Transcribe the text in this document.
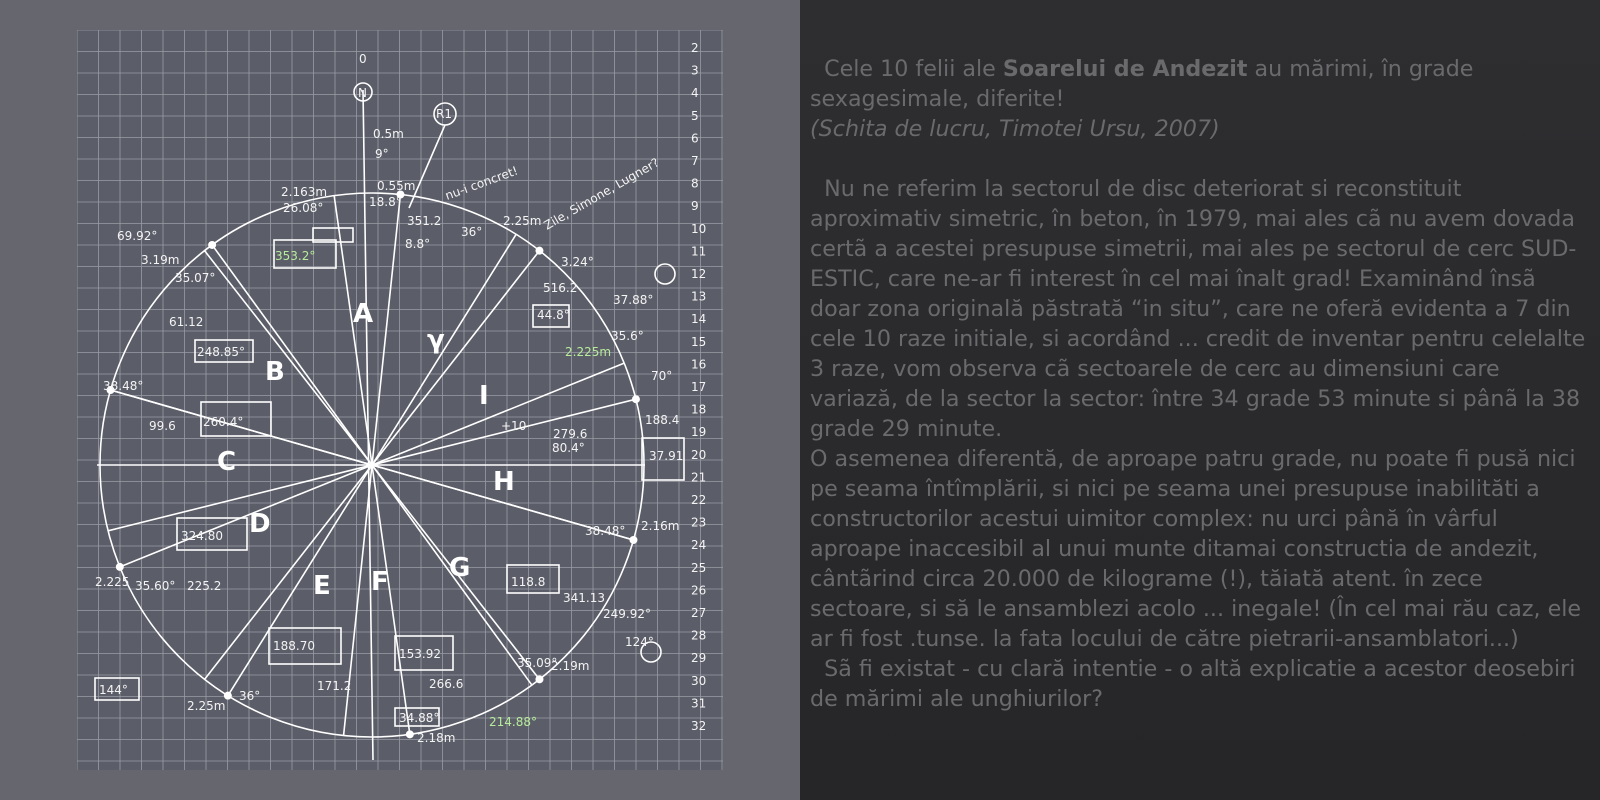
2
3
4
5
6
7
8
9
10
11
12
13
14
15
16
17
18
19
20
21
22
23
24
25
26
27
28
29
30
31
32
N
0
R1
nu-i concret! Zile, Simone, Lugner?
A
γ
I
H
G
F
E
D
C
B
0.55m
18.8°
351.2
8.8°
36°
2.25m
3.24°
516.2
44.8°
35.6°
2.225m
80.4°
279.6
188.4
37.91
38.48°
118.8
249.92°
341.13
35.09°
2.19m
214.88°
266.6
153.92
34.88°
2.18m
188.70
171.2
36°
144°
2.25m
35.60° 225.2
324.80
2.225
99.6 260.4°
38.48°
248.85°
61.12
35.07°
3.19m
69.92°
353.2°
26.08°
2.163m
37.88°
0.5m
9°
+10
2.16m
70°
124°

Cele 10 felii ale Soarelui de Andezit au mărimi, în grade sexagesimale, diferite!

(Schita de lucru, Timotei Ursu, 2007)

Nu ne referim la sectorul de disc deteriorat si reconstituit aproximativ simetric, în beton, în 1979, mai ales cã nu avem dovada certã a acestei presupuse simetrii, mai ales pe sectorul de cerc SUD-ESTIC, care ne-ar fi interest în cel mai înalt grad! Examinând însã doar zona originală păstrată “in situ”, care ne oferă evidenta a 7 din cele 10 raze initiale, si acordând ... credit de inventar pentru celelalte 3 raze, vom observa cã sectoarele de cerc au dimensiuni care variază, de la sector la sector: între 34 grade 53 minute si pânã la 38 grade 29 minute.

O asemenea diferentă, de aproape patru grade, nu poate fi pusă nici pe seama întîmplării, si nici pe seama unei presupuse inabilităti a constructorilor acestui uimitor complex: nu urci până în vârful aproape inaccesibil al unui munte ditamai constructia de andezit, cântãrind circa 20.000 de kilograme (!), tăiată atent. în zece sectoare, si să le ansamblezi acolo ... inegale! (În cel mai rău caz, ele ar fi fost .tunse. la fata locului de către pietrarii-ansamblatori...)

Sã fi existat - cu clară intentie - o altă explicatie a acestor deosebiri de mărimi ale unghiurilor?
